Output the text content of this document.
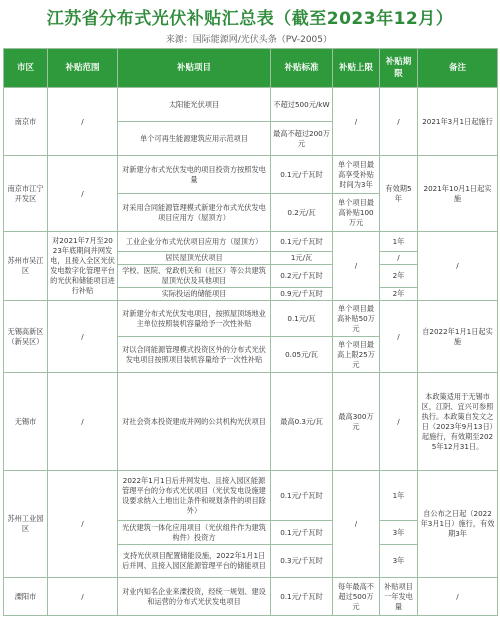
江苏省分布式光伏补贴汇总表（截至2023年12月）
来源：国际能源网/光伏头条（PV-2005）
市区	补贴范围	补贴项目	补贴标准	补贴上限	补贴期限	备注
南京市	/	太阳能光伏项目	不超过500元/kW	/	/	2021年3月1日起施行
		单个可再生能源建筑应用示范项目	最高不超过200万元			
南京市江宁开发区	/	对新建分布式光伏发电的项目投资方按照发电量	0.1元/千瓦时	单个项目最高享受补贴时间为3年	有效期5年	2021年10月1日起实施
		对采用合同能源管理模式新建分布式光伏发电项目应用方（屋顶方）	0.2元/瓦	单个项目最高补贴100万元		
苏州市吴江区	对2021年7月至2023年底期间并网发电，且接入全区光伏发电数字化管理平台的光伏和储能项目进行补贴	工业企业分布式光伏项目应用方（屋顶方）	0.1元/千瓦时	/	1年	/
		居民屋顶光伏项目	1元/瓦		/	
		学校、医院、党政机关和（社区）等公共建筑屋顶光伏及其他项目	0.2元/千瓦时		2年	
		实际投运的储能项目	0.9元/千瓦时		2年	
无锡高新区（新吴区）	/	对新建分布式光伏发电项目，按照屋顶场地业主单位按照装机容量给予一次性补贴	0.1元/瓦	单个项目最高补贴50万元	/	自2022年1月1日起实施
		对以合同能源管理模式投资区外的分布式光伏发电项目按照项目装机容量给予一次性补贴	0.05元/瓦	单个项目最高上限25万元		
无锡市	/	对社会资本投资建成并网的公共机构光伏项目	最高0.3元/瓦	最高300万元	/	本政策适用于无锡市区，江阴、宜兴可参照执行。本政策自发文之日（2023年9月13日）起施行，有效期至2025年12月31日。
苏州工业园区	/	2022年1月1日后并网发电、且接入园区能源管理平台的分布式光伏项目（光伏发电设施建设要求纳入土地出让条件和规划条件的项目除外）	0.1元/千瓦时	/	1年	自公布之日起（2022年3月1日）施行，有效期3年
		光伏建筑一体化应用项目（光伏组件作为建筑构件）投资方	0.1元/千瓦时		3年	
		支持光伏项目配置储能设施，2022年1月1日后并网、且接入园区能源管理平台的储能项目	0.3元/千瓦时		3年	
溧阳市	/	对业内知名企业来溧投资，经统一规划、建设和运营的分布式光伏发电项目	0.1元/千瓦时	每年最高不超过500万元	补贴项目一年发电量	/
